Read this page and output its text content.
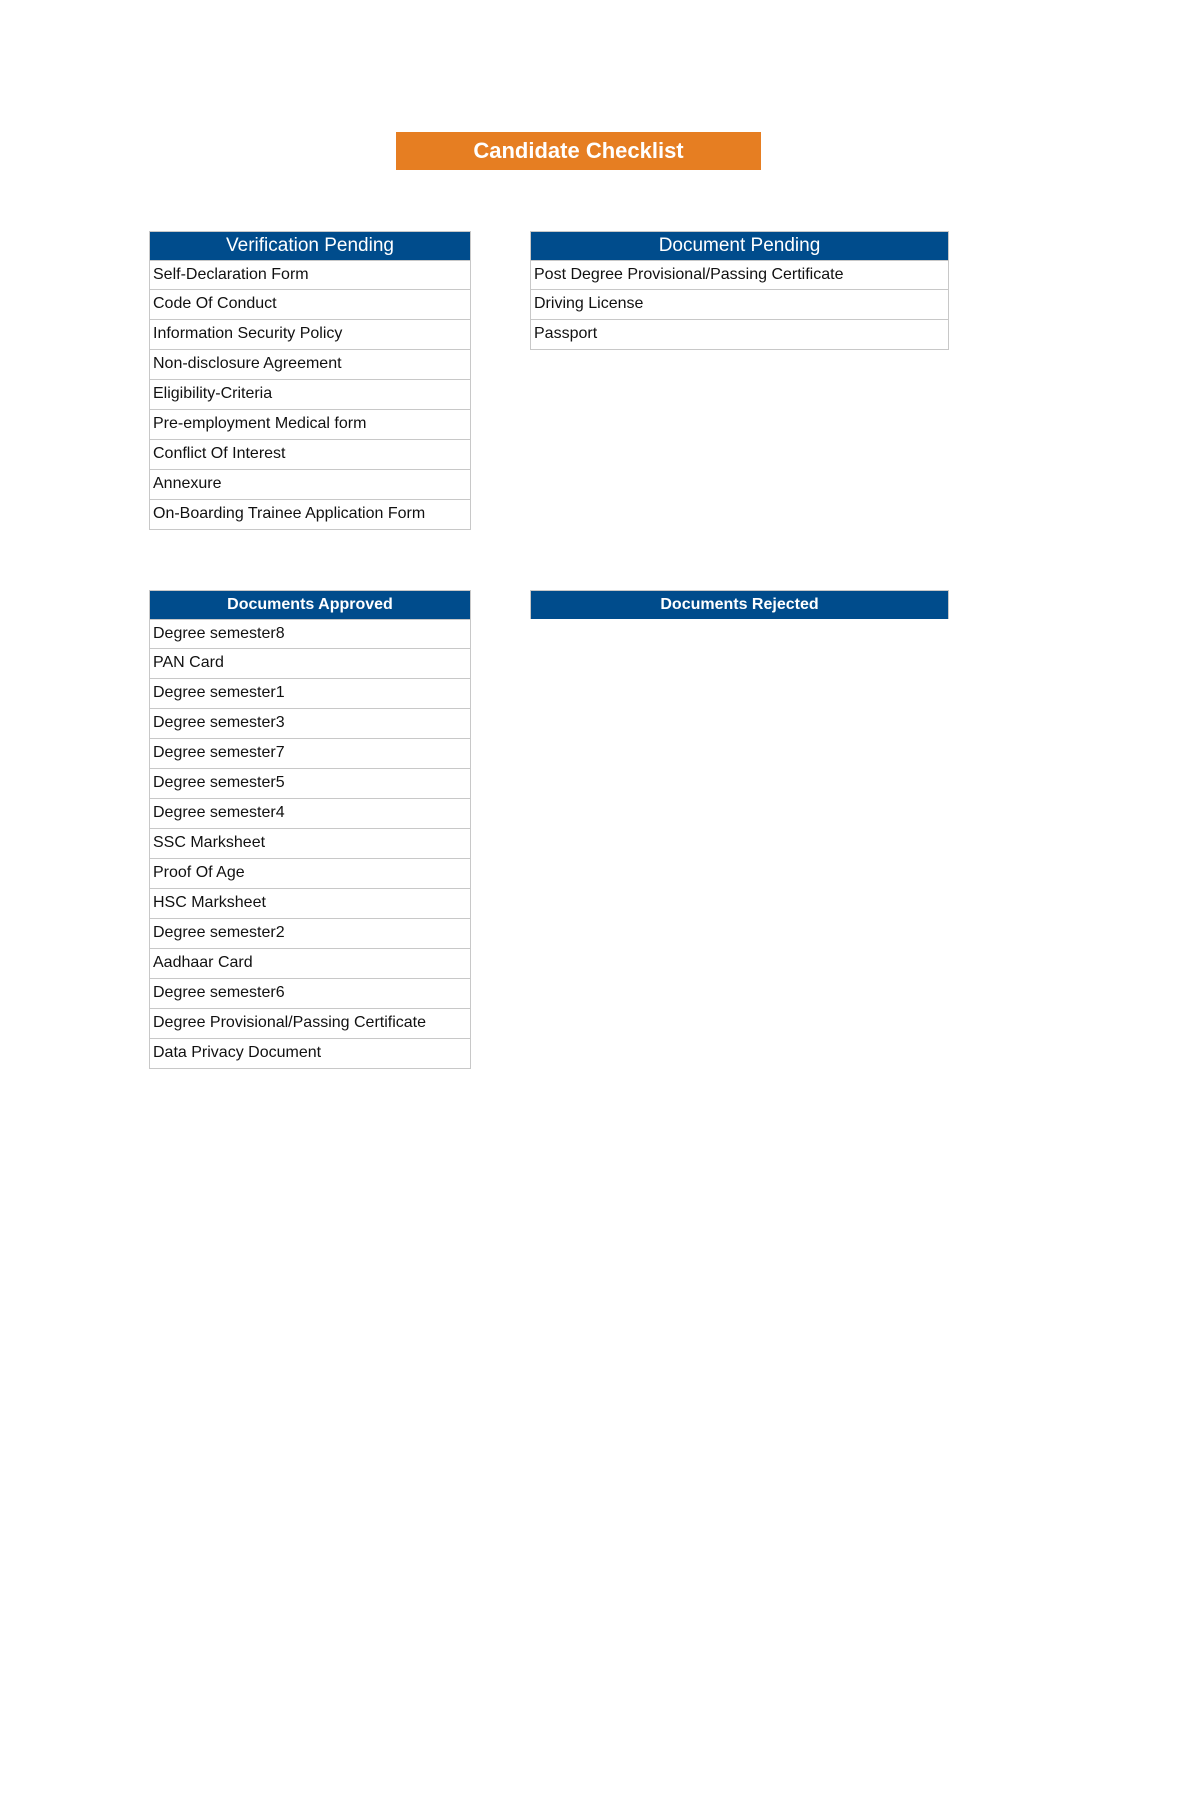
Candidate Checklist
Verification Pending
Self-Declaration Form
Code Of Conduct
Information Security Policy
Non-disclosure Agreement
Eligibility-Criteria
Pre-employment Medical form
Conflict Of Interest
Annexure
On-Boarding Trainee Application Form
Document Pending
Post Degree Provisional/Passing Certificate
Driving License
Passport
Documents Approved
Degree semester8
PAN Card
Degree semester1
Degree semester3
Degree semester7
Degree semester5
Degree semester4
SSC Marksheet
Proof Of Age
HSC Marksheet
Degree semester2
Aadhaar Card
Degree semester6
Degree Provisional/Passing Certificate
Data Privacy Document
Documents Rejected
